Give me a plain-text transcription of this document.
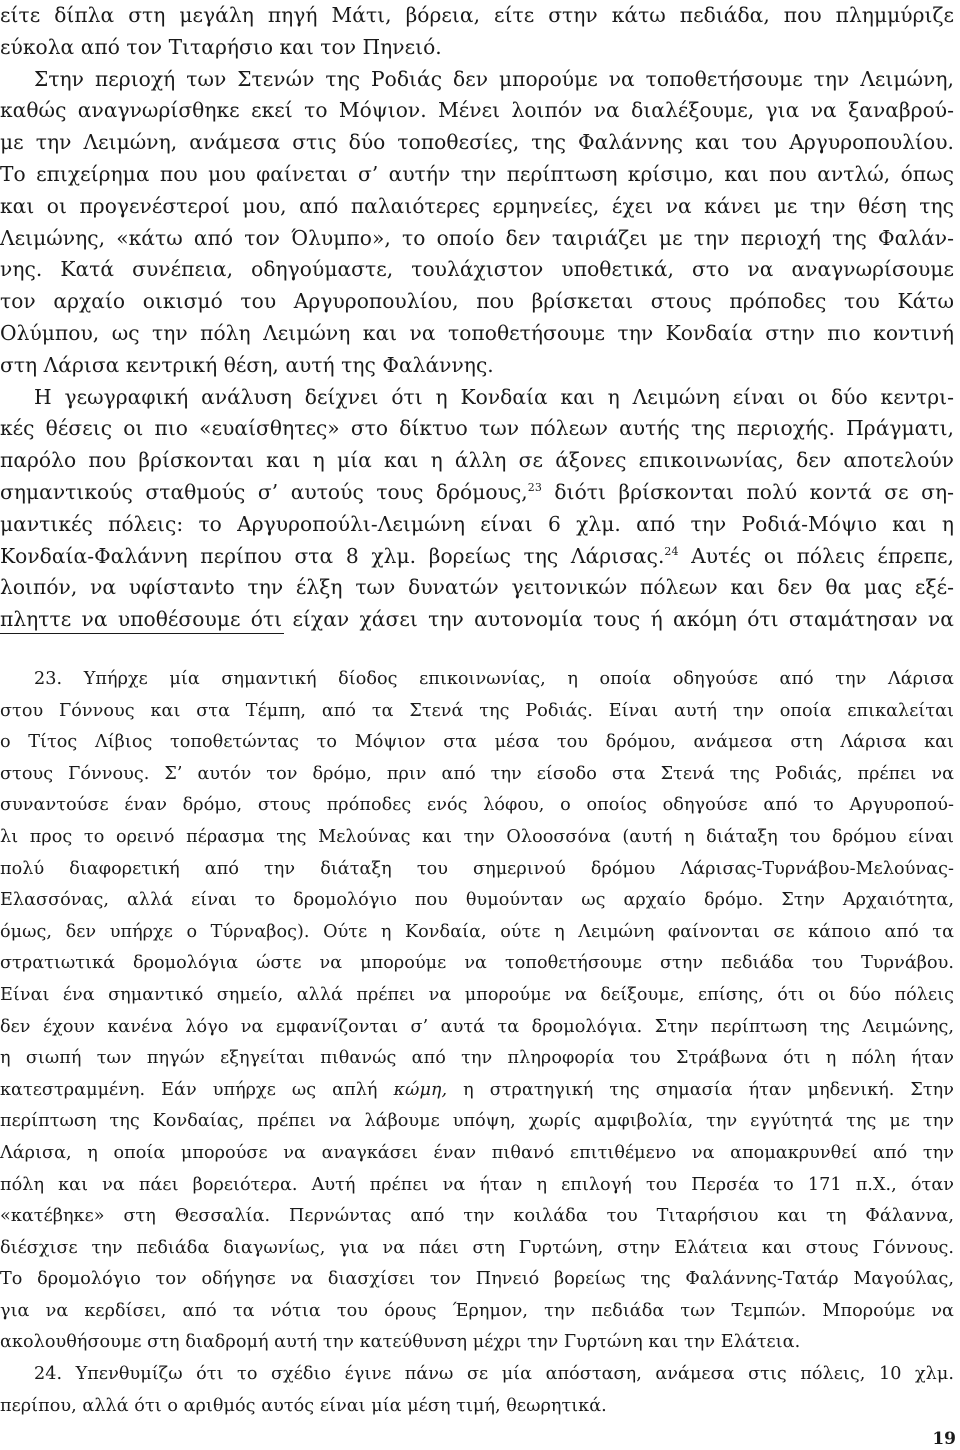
είτε δίπλα στη μεγάλη πηγή Μάτι, βόρεια, είτε στην κάτω πεδιάδα, που πλημμύριζε
εύκολα από τον Τιταρήσιο και τον Πηνειό.
Στην περιοχή των Στενών της Ροδιάς δεν μπορούμε να τοποθετήσουμε την Λειμώνη,
καθώς αναγνωρίσθηκε εκεί το Μόψιον. Μένει λοιπόν να διαλέξουμε, για να ξαναβρού-
με την Λειμώνη, ανάμεσα στις δύο τοποθεσίες, της Φαλάννης και του Αργυροπουλίου.
Το επιχείρημα που μου φαίνεται σ’ αυτήν την περίπτωση κρίσιμο, και που αντλώ, όπως
και οι προγενέστεροί μου, από παλαιότερες ερμηνείες, έχει να κάνει με την θέση της
Λειμώνης, «κάτω από τον Όλυμπο», το οποίο δεν ταιριάζει με την περιοχή της Φαλάν-
νης. Κατά συνέπεια, οδηγούμαστε, τουλάχιστον υποθετικά, στο να αναγνωρίσουμε
τον αρχαίο οικισμό του Αργυροπουλίου, που βρίσκεται στους πρόποδες του Κάτω
Ολύμπου, ως την πόλη Λειμώνη και να τοποθετήσουμε την Κονδαία στην πιο κοντινή
στη Λάρισα κεντρική θέση, αυτή της Φαλάννης.
Η γεωγραφική ανάλυση δείχνει ότι η Κονδαία και η Λειμώνη είναι οι δύο κεντρι-
κές θέσεις οι πιο «ευαίσθητες» στο δίκτυο των πόλεων αυτής της περιοχής. Πράγματι,
παρόλο που βρίσκονται και η μία και η άλλη σε άξονες επικοινωνίας, δεν αποτελούν
σημαντικούς σταθμούς σ’ αυτούς τους δρόμους,$^{23}$ διότι βρίσκονται πολύ κοντά σε ση-
μαντικές πόλεις: το Αργυροπούλι-Λειμώνη είναι 6 χλμ. από την Ροδιά-Μόψιο και η
Κονδαία-Φαλάννη περίπου στα 8 χλμ. βορείως της Λάρισας.$^{24}$ Αυτές οι πόλεις έπρεπε,
λοιπόν, να υφίστανto την έλξη των δυνατών γειτονικών πόλεων και δεν θα μας εξέ-
πληττε να υποθέσουμε ότι είχαν χάσει την αυτονομία τους ή ακόμη ότι σταμάτησαν να
23. Υπήρχε μία σημαντική δίοδος επικοινωνίας, η οποία οδηγούσε από την Λάρισα
στου Γόννους και στα Τέμπη, από τα Στενά της Ροδιάς. Είναι αυτή την οποία επικαλείται
ο Τίτος Λίβιος τοποθετώντας το Μόψιον στα μέσα του δρόμου, ανάμεσα στη Λάρισα και
στους Γόννους. Σ’ αυτόν τον δρόμο, πριν από την είσοδο στα Στενά της Ροδιάς, πρέπει να
συναντούσε έναν δρόμο, στους πρόποδες ενός λόφου, ο οποίος οδηγούσε από το Αργυροπού-
λι προς το ορεινό πέρασμα της Μελούνας και την Ολοοσσόνα (αυτή η διάταξη του δρόμου είναι
πολύ διαφορετική από την διάταξη του σημερινού δρόμου Λάρισας-Τυρνάβου-Μελούνας-
Ελασσόνας, αλλά είναι το δρομολόγιο που θυμούνταν ως αρχαίο δρόμο. Στην Αρχαιότητα,
όμως, δεν υπήρχε ο Τύρναβος). Ούτε η Κονδαία, ούτε η Λειμώνη φαίνονται σε κάποιο από τα
στρατιωτικά δρομολόγια ώστε να μπορούμε να τοποθετήσουμε στην πεδιάδα του Τυρνάβου.
Είναι ένα σημαντικό σημείο, αλλά πρέπει να μπορούμε να δείξουμε, επίσης, ότι οι δύο πόλεις
δεν έχουν κανένα λόγο να εμφανίζονται σ’ αυτά τα δρομολόγια. Στην περίπτωση της Λειμώνης,
η σιωπή των πηγών εξηγείται πιθανώς από την πληροφορία του Στράβωνα ότι η πόλη ήταν
κατεστραμμένη. Εάν υπήρχε ως απλή κώμη, η στρατηγική της σημασία ήταν μηδενική. Στην
περίπτωση της Κονδαίας, πρέπει να λάβουμε υπόψη, χωρίς αμφιβολία, την εγγύτητά της με την
Λάρισα, η οποία μπορούσε να αναγκάσει έναν πιθανό επιτιθέμενο να απομακρυνθεί από την
πόλη και να πάει βορειότερα. Αυτή πρέπει να ήταν η επιλογή του Περσέα το 171 π.Χ., όταν
«κατέβηκε» στη Θεσσαλία. Περνώντας από την κοιλάδα του Τιταρήσιου και τη Φάλαννα,
διέσχισε την πεδιάδα διαγωνίως, για να πάει στη Γυρτώνη, στην Ελάτεια και στους Γόννους.
Το δρομολόγιο τον οδήγησε να διασχίσει τον Πηνειό βορείως της Φαλάννης-Τατάρ Μαγούλας,
για να κερδίσει, από τα νότια του όρους Έρημον, την πεδιάδα των Τεμπών. Μπορούμε να
ακολουθήσουμε στη διαδρομή αυτή την κατεύθυνση μέχρι την Γυρτώνη και την Ελάτεια.
24. Υπενθυμίζω ότι το σχέδιο έγινε πάνω σε μία απόσταση, ανάμεσα στις πόλεις, 10 χλμ.
περίπου, αλλά ότι ο αριθμός αυτός είναι μία μέση τιμή, θεωρητικά.
19
